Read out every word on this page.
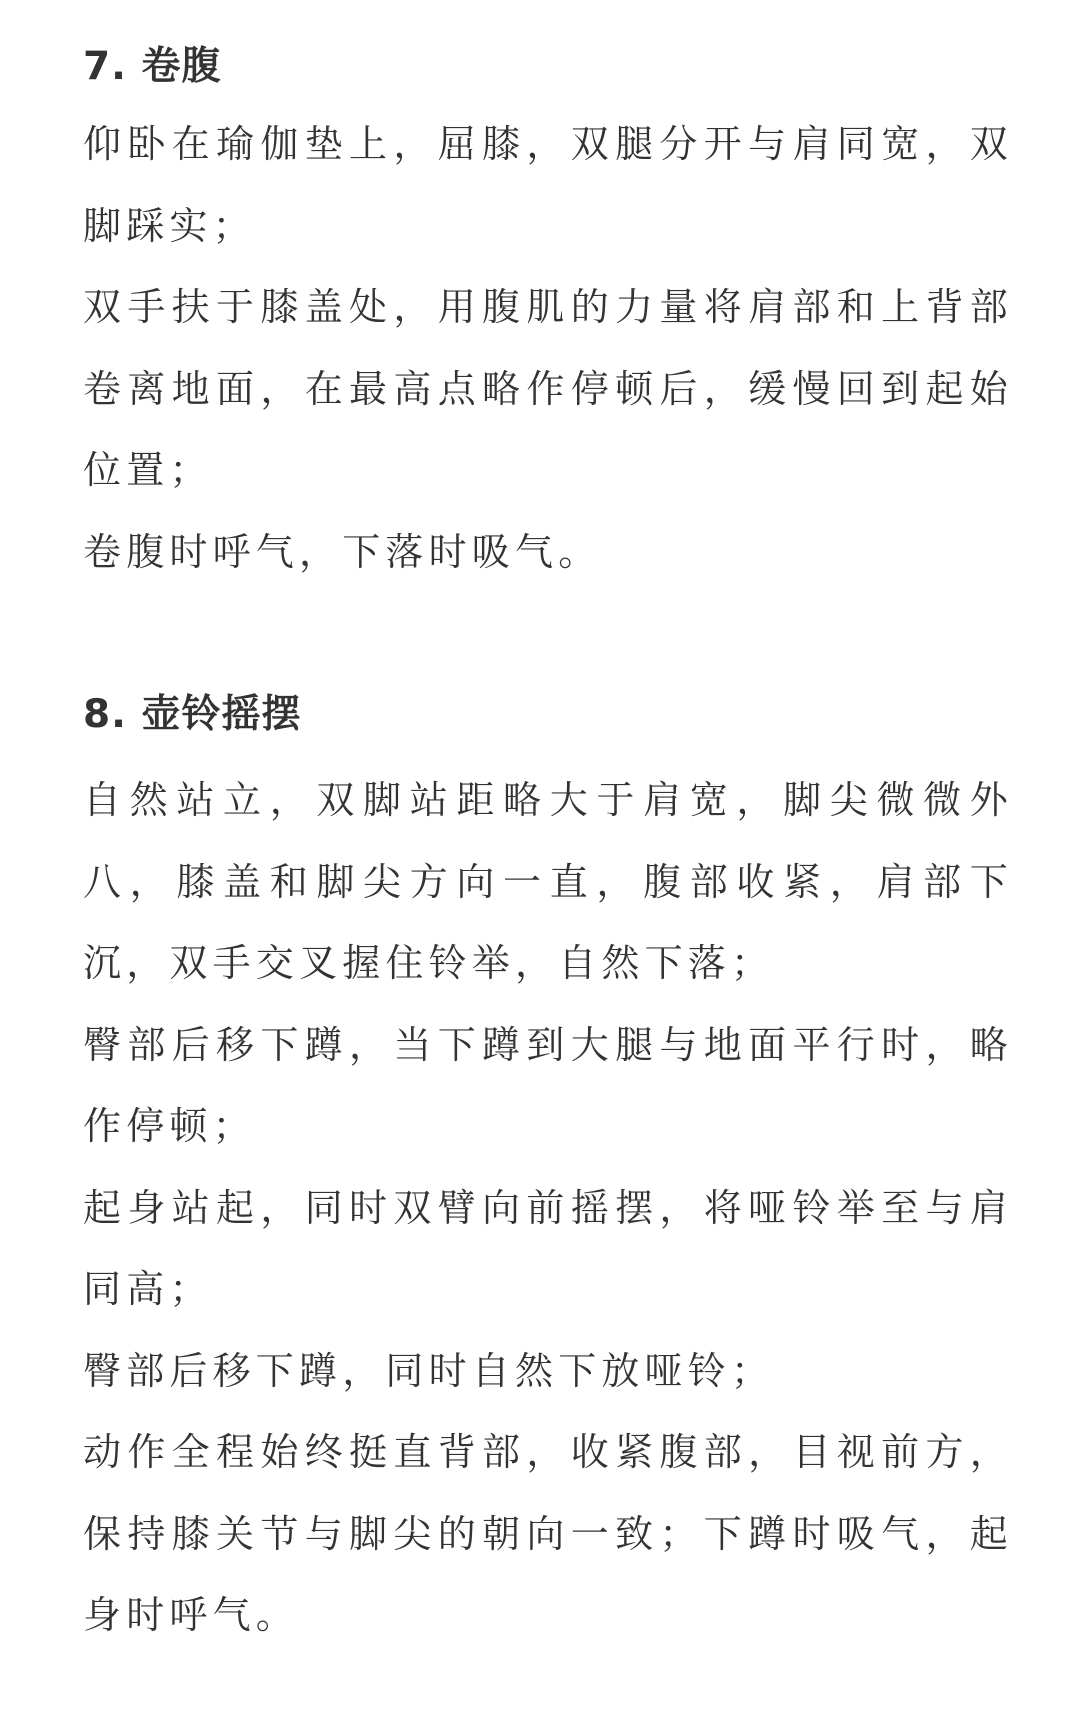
7. 卷腹

仰卧在瑜伽垫上，屈膝，双腿分开与肩同宽，双脚踩实；

双手扶于膝盖处，用腹肌的力量将肩部和上背部卷离地面，在最高点略作停顿后，缓慢回到起始位置；

卷腹时呼气，下落时吸气。

8. 壶铃摇摆

自然站立，双脚站距略大于肩宽，脚尖微微外八，膝盖和脚尖方向一直，腹部收紧，肩部下沉，双手交叉握住铃举，自然下落；

臀部后移下蹲，当下蹲到大腿与地面平行时，略作停顿；

起身站起，同时双臂向前摇摆，将哑铃举至与肩同高；

臀部后移下蹲，同时自然下放哑铃；

动作全程始终挺直背部，收紧腹部，目视前方，保持膝关节与脚尖的朝向一致；下蹲时吸气，起身时呼气。
